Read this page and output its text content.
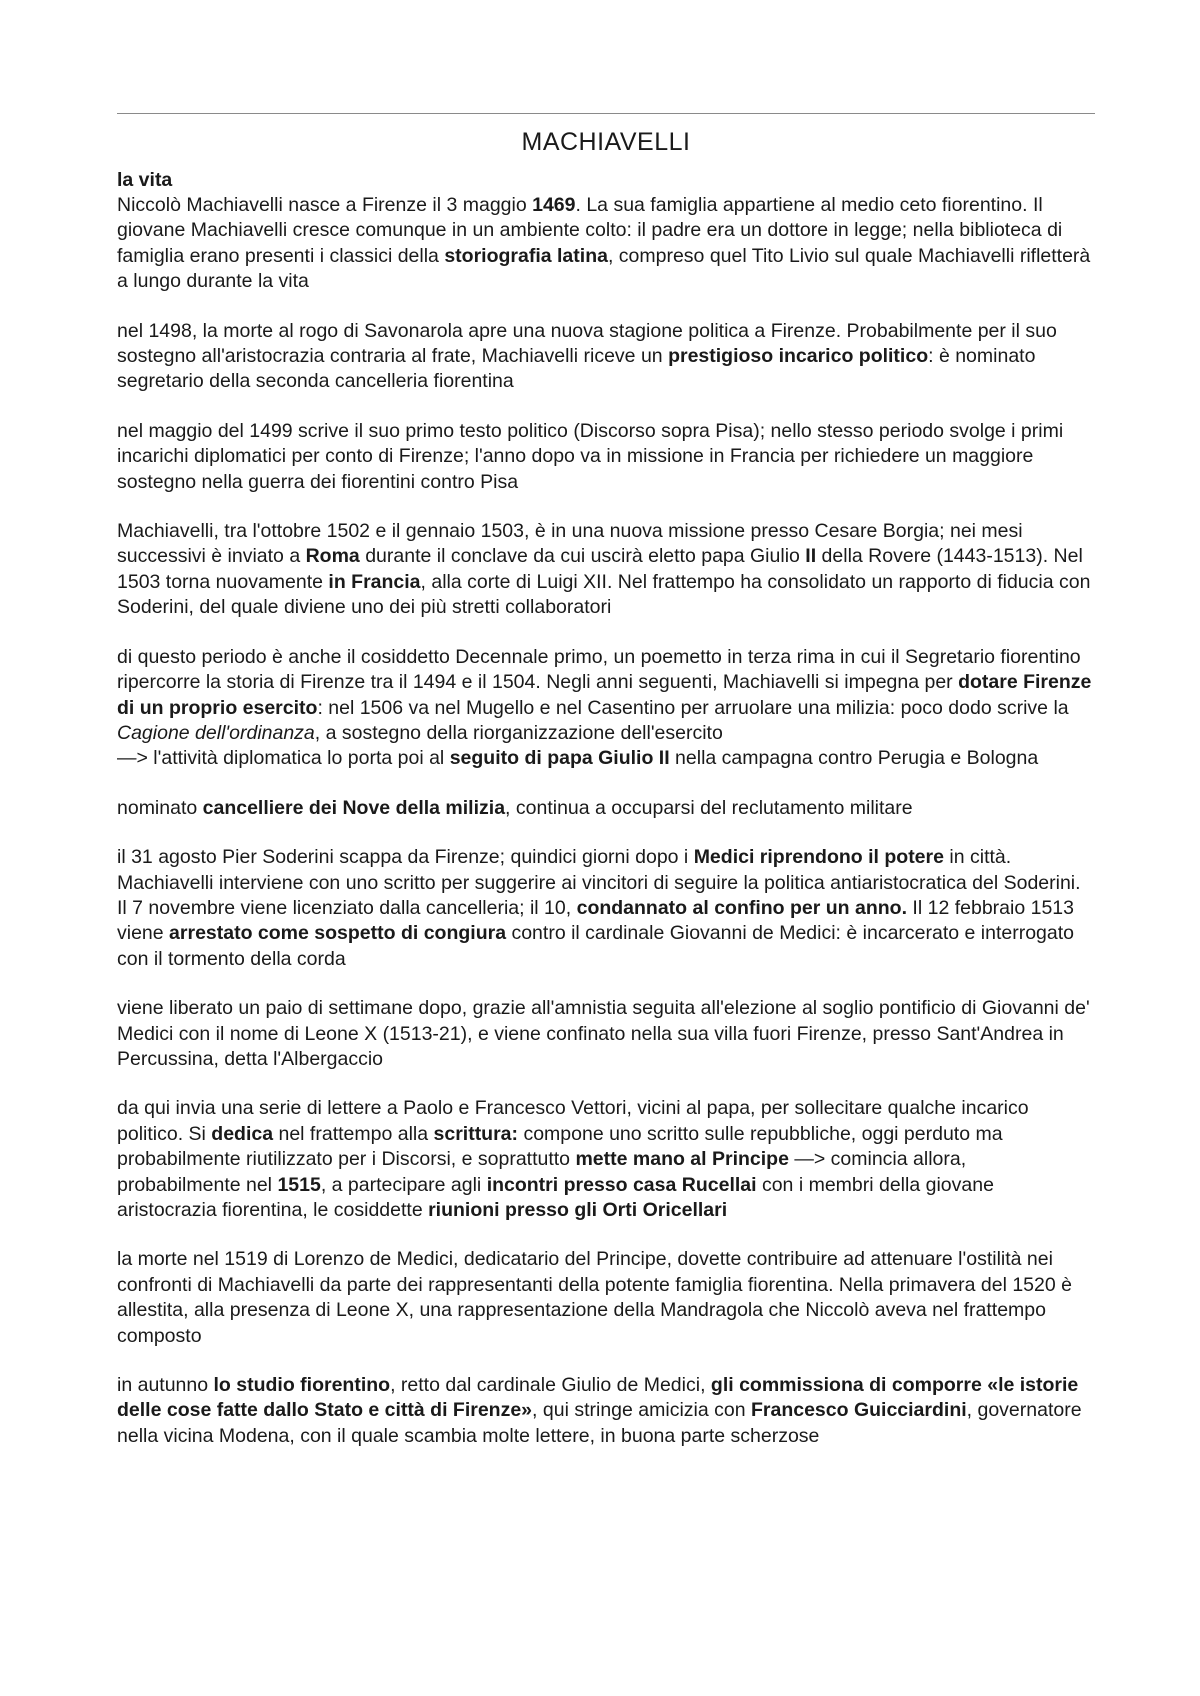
MACHIAVELLI
la vita

Niccolò Machiavelli nasce a Firenze il 3 maggio 1469. La sua famiglia appartiene al medio ceto fiorentino. Il giovane Machiavelli cresce comunque in un ambiente colto: il padre era un dottore in legge; nella biblioteca di famiglia erano presenti i classici della storiografia latina, compreso quel Tito Livio sul quale Machiavelli rifletterà a lungo durante la vita

nel 1498, la morte al rogo di Savonarola apre una nuova stagione politica a Firenze. Probabilmente per il suo sostegno all'aristocrazia contraria al frate, Machiavelli riceve un prestigioso incarico politico: è nominato segretario della seconda cancelleria fiorentina

nel maggio del 1499 scrive il suo primo testo politico (Discorso sopra Pisa); nello stesso periodo svolge i primi incarichi diplomatici per conto di Firenze; l'anno dopo va in missione in Francia per richiedere un maggiore sostegno nella guerra dei fiorentini contro Pisa

Machiavelli, tra l'ottobre 1502 e il gennaio 1503, è in una nuova missione presso Cesare Borgia; nei mesi successivi è inviato a Roma durante il conclave da cui uscirà eletto papa Giulio II della Rovere (1443-1513). Nel 1503 torna nuovamente in Francia, alla corte di Luigi XII. Nel frattempo ha consolidato un rapporto di fiducia con Soderini, del quale diviene uno dei più stretti collaboratori

di questo periodo è anche il cosiddetto Decennale primo, un poemetto in terza rima in cui il Segretario fiorentino ripercorre la storia di Firenze tra il 1494 e il 1504. Negli anni seguenti, Machiavelli si impegna per dotare Firenze di un proprio esercito: nel 1506 va nel Mugello e nel Casentino per arruolare una milizia: poco dodo scrive la Cagione dell'ordinanza, a sostegno della riorganizzazione dell'esercito

—> l'attività diplomatica lo porta poi al seguito di papa Giulio II nella campagna contro Perugia e Bologna

nominato cancelliere dei Nove della milizia, continua a occuparsi del reclutamento militare

il 31 agosto Pier Soderini scappa da Firenze; quindici giorni dopo i Medici riprendono il potere in città. Machiavelli interviene con uno scritto per suggerire ai vincitori di seguire la politica antiaristocratica del Soderini. Il 7 novembre viene licenziato dalla cancelleria; il 10, condannato al confino per un anno. Il 12 febbraio 1513 viene arrestato come sospetto di congiura contro il cardinale Giovanni de Medici: è incarcerato e interrogato con il tormento della corda

viene liberato un paio di settimane dopo, grazie all'amnistia seguita all'elezione al soglio pontificio di Giovanni de' Medici con il nome di Leone X (1513-21), e viene confinato nella sua villa fuori Firenze, presso Sant'Andrea in Percussina, detta l'Albergaccio

da qui invia una serie di lettere a Paolo e Francesco Vettori, vicini al papa, per sollecitare qualche incarico politico. Si dedica nel frattempo alla scrittura: compone uno scritto sulle repubbliche, oggi perduto ma probabilmente riutilizzato per i Discorsi, e soprattutto mette mano al Principe —> comincia allora, probabilmente nel 1515, a partecipare agli incontri presso casa Rucellai con i membri della giovane aristocrazia fiorentina, le cosiddette riunioni presso gli Orti Oricellari

la morte nel 1519 di Lorenzo de Medici, dedicatario del Principe, dovette contribuire ad attenuare l'ostilità nei confronti di Machiavelli da parte dei rappresentanti della potente famiglia fiorentina. Nella primavera del 1520 è allestita, alla presenza di Leone X, una rappresentazione della Mandragola che Niccolò aveva nel frattempo composto

in autunno lo studio fiorentino, retto dal cardinale Giulio de Medici, gli commissiona di comporre «le istorie delle cose fatte dallo Stato e città di Firenze», qui stringe amicizia con Francesco Guicciardini, governatore nella vicina Modena, con il quale scambia molte lettere, in buona parte scherzose
